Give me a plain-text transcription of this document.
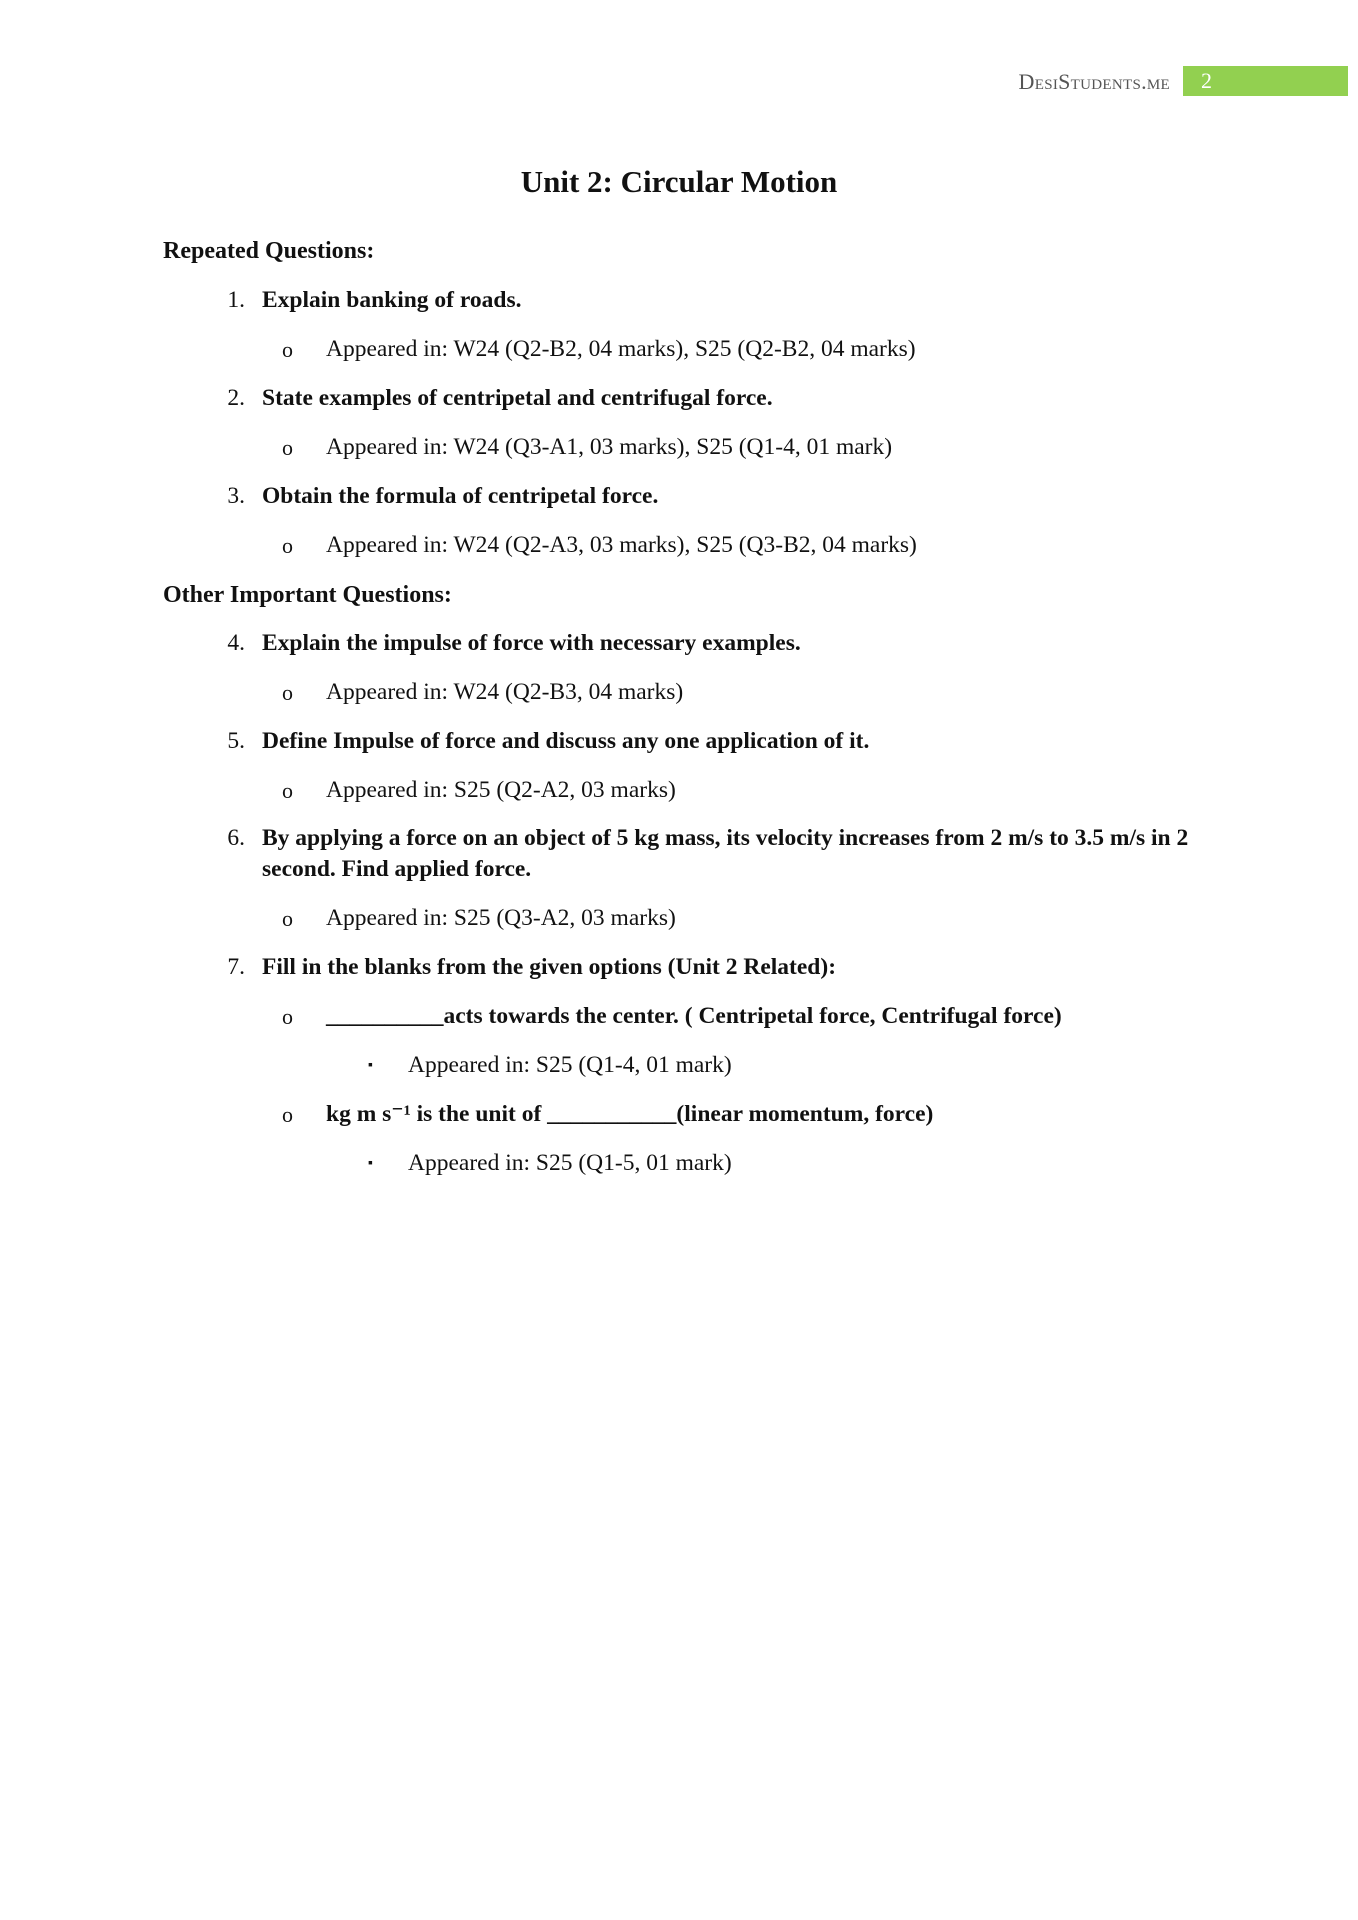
DesiStudents.me	2
Unit 2: Circular Motion
Repeated Questions:
1. Explain banking of roads.
o	Appeared in: W24 (Q2-B2, 04 marks), S25 (Q2-B2, 04 marks)
2. State examples of centripetal and centrifugal force.
o	Appeared in: W24 (Q3-A1, 03 marks), S25 (Q1-4, 01 mark)
3. Obtain the formula of centripetal force.
o	Appeared in: W24 (Q2-A3, 03 marks), S25 (Q3-B2, 04 marks)
Other Important Questions:
4. Explain the impulse of force with necessary examples.
o	Appeared in: W24 (Q2-B3, 04 marks)
5. Define Impulse of force and discuss any one application of it.
o	Appeared in: S25 (Q2-A2, 03 marks)
6. By applying a force on an object of 5 kg mass, its velocity increases from 2 m/s to 3.5 m/s in 2 second. Find applied force.
o	Appeared in: S25 (Q3-A2, 03 marks)
7. Fill in the blanks from the given options (Unit 2 Related):
o	__________acts towards the center. ( Centripetal force, Centrifugal force)
▪	Appeared in: S25 (Q1-4, 01 mark)
o	kg m s⁻¹ is the unit of ___________(linear momentum, force)
▪	Appeared in: S25 (Q1-5, 01 mark)
